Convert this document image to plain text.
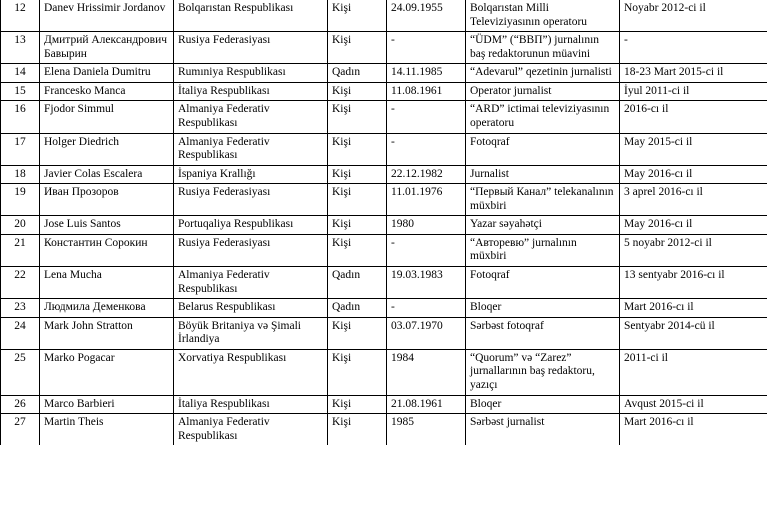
12	Danev Hrissimir Jordanov	Bolqarıstan Respublikası	Kişi	24.09.1955	Bolqarıstan Milli Televiziyasının operatoru	Noyabr 2012-ci il
13	Дмитрий Александрович Бавырин	Rusiya Federasiyası	Kişi	-	“ÜDM” (“ВВП”) jurnalının baş redaktorunun müavini	-
14	Elena Daniela Dumitru	Rumıniya Respublikası	Qadın	14.11.1985	“Adevarul” qezetinin jurnalisti	18-23 Mart 2015-ci il
15	Francesko Manca	İtaliya Respublikası	Kişi	11.08.1961	Operator jurnalist	İyul 2011-ci il
16	Fjodor Simmul	Almaniya Federativ Respublikası	Kişi	-	“ARD” ictimai televiziyasının operatoru	2016-cı il
17	Holger Diedrich	Almaniya Federativ Respublikası	Kişi	-	Fotoqraf	May 2015-ci il
18	Javier Colas Escalera	İspaniya Krallığı	Kişi	22.12.1982	Jurnalist	May 2016-cı il
19	Иван Прозоров	Rusiya Federasiyası	Kişi	11.01.1976	“Первый Канал” telekanalının müxbiri	3 aprel 2016-cı il
20	Jose Luis Santos	Portuqaliya Respublikası	Kişi	1980	Yazar səyahətçi	May 2016-cı il
21	Константин Сорокин	Rusiya Federasiyası	Kişi	-	“Авторевю” jurnalının müxbiri	5 noyabr 2012-ci il
22	Lena Mucha	Almaniya Federativ Respublikası	Qadın	19.03.1983	Fotoqraf	13 sentyabr 2016-cı il
23	Людмила Деменкова	Belarus Respublikası	Qadın	-	Bloqer	Mart 2016-cı il
24	Mark John Stratton	Böyük Britaniya və Şimali İrlandiya	Kişi	03.07.1970	Sərbəst fotoqraf	Sentyabr 2014-cü il
25	Marko Pogacar	Xorvatiya Respublikası	Kişi	1984	“Quorum” və “Zarez” jurnallarının baş redaktoru, yazıçı	2011-ci il
26	Marco Barbieri	İtaliya Respublikası	Kişi	21.08.1961	Bloqer	Avqust 2015-ci il
27	Martin Theis	Almaniya Federativ Respublikası	Kişi	1985	Sərbəst jurnalist	Mart 2016-cı il
